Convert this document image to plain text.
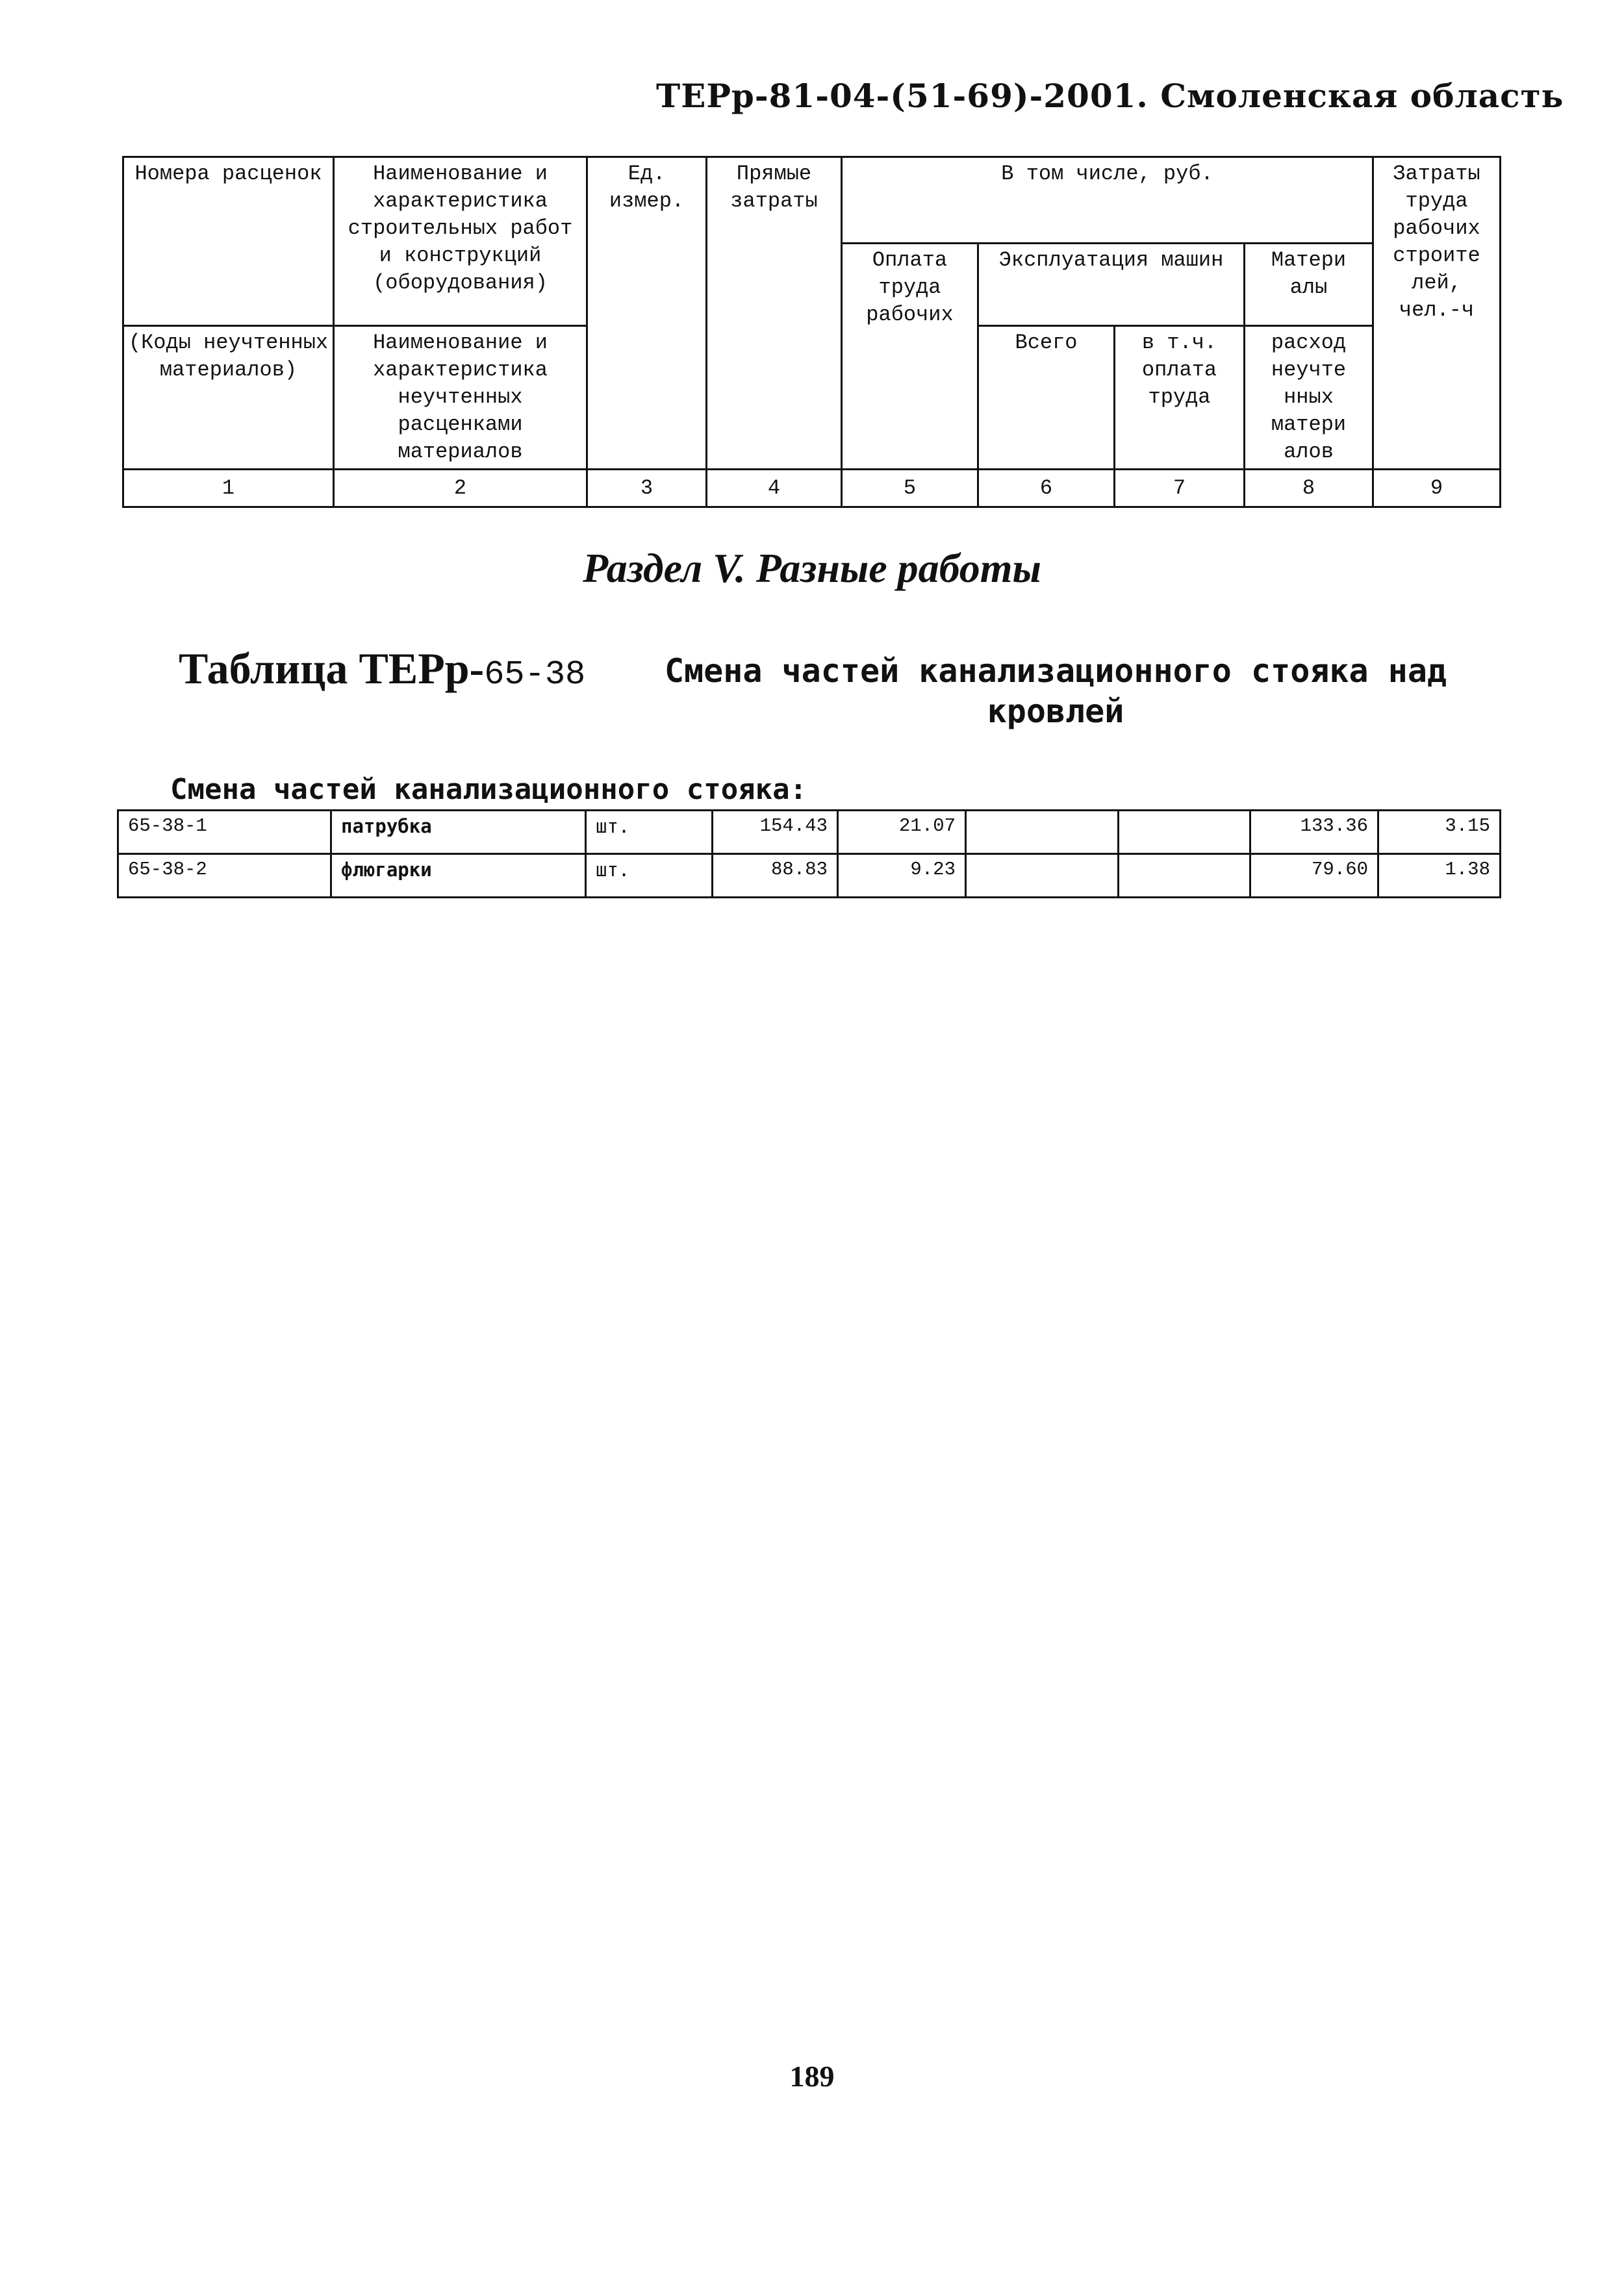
ТЕРр-81-04-(51-69)-2001. Смоленская область
Номера расценок	Наименование и характеристика строительных работ и конструкций (оборудования)	Ед. измер.	Прямые затраты	В том числе, руб.				Затраты труда рабочих строите лей, чел.-ч
				Оплата труда рабочих	Эксплуатация машин		Матери алы	
(Коды неучтенных материалов)	Наименование и характеристика неучтенных расценками материалов				Всего	в т.ч. оплата труда	расход неучте нных матери алов	
1	2	3	4	5	6	7	8	9
Раздел V. Разные работы
Таблица ТЕРр-65-38	Смена частей канализационного стояка над кровлей
Смена частей канализационного стояка:
65-38-1	патрубка	шт.	154.43	21.07			133.36	3.15
65-38-2	флюгарки	шт.	88.83	9.23			79.60	1.38
189
